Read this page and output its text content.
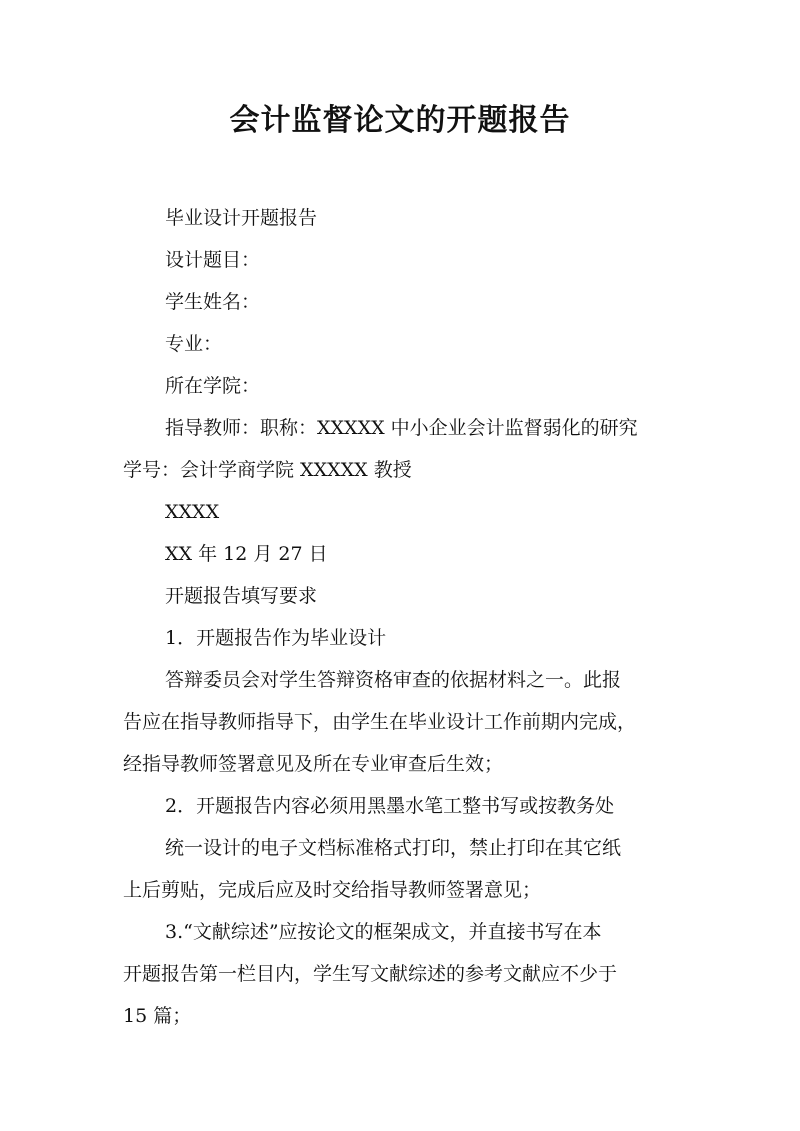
会计监督论文的开题报告
毕业设计开题报告
设计题目：
学生姓名：
专业：
所在学院：
指导教师：职称：XXXXX 中小企业会计监督弱化的研究
学号：会计学商学院 XXXXX 教授
XXXX
XX 年 12 月 27 日
开题报告填写要求
1．开题报告作为毕业设计
答辩委员会对学生答辩资格审查的依据材料之一。此报
告应在指导教师指导下，由学生在毕业设计工作前期内完成，
经指导教师签署意见及所在专业审查后生效；
2．开题报告内容必须用黑墨水笔工整书写或按教务处
统一设计的电子文档标准格式打印，禁止打印在其它纸
上后剪贴，完成后应及时交给指导教师签署意见；
3.“文献综述”应按论文的框架成文，并直接书写在本
开题报告第一栏目内，学生写文献综述的参考文献应不少于
15 篇；
